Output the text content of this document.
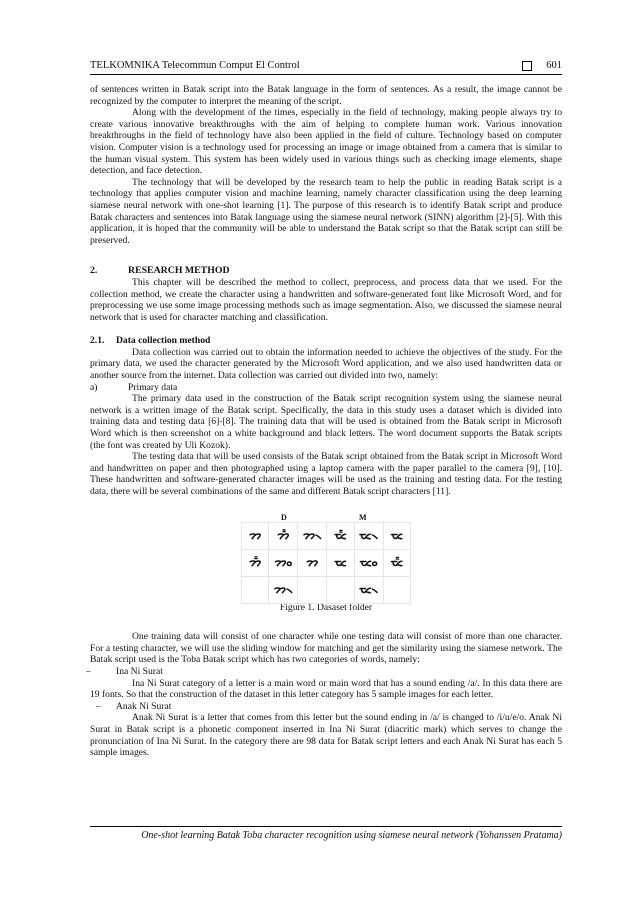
TELKOMNIKA Telecommun Comput El Control	601

of sentences written in Batak script into the Batak language in the form of sentences. As a result, the image cannot be recognized by the computer to interpret the meaning of the script.

Along with the development of the times, especially in the field of technology, making people always try to create various innovative breakthroughs with the aim of helping to complete human work. Various innovation breakthroughs in the field of technology have also been applied in the field of culture. Technology based on computer vision. Computer vision is a technology used for processing an image or image obtained from a camera that is similar to the human visual system. This system has been widely used in various things such as checking image elements, shape detection, and face detection.

The technology that will be developed by the research team to help the public in reading Batak script is a technology that applies computer vision and machine learning, namely character classification using the deep learning siamese neural network with one-shot learning [1]. The purpose of this research is to identify Batak script and produce Batak characters and sentences into Batak language using the siamese neural network (SINN) algorithm [2]-[5]. With this application, it is hoped that the community will be able to understand the Batak script so that the Batak script can still be preserved.

2.	RESEARCH METHOD

This chapter will be described the method to collect, preprocess, and process data that we used. For the collection method, we create the character using a handwritten and software-generated font like Microsoft Word, and for preprocessing we use some image processing methods such as image segmentation. Also, we discussed the siamese neural network that is used for character matching and classification.

2.1. Data collection method

Data collection was carried out to obtain the information needed to achieve the objectives of the study. For the primary data, we used the character generated by the Microsoft Word application, and we also used handwritten data or another source from the internet. Data collection was carried out divided into two, namely:

a)	Primary data

The primary data used in the construction of the Batak script recognition system using the siamese neural network is a written image of the Batak script. Specifically, the data in this study uses a dataset which is divided into training data and testing data [6]-[8]. The training data that will be used is obtained from the Batak script in Microsoft Word which is then screenshot on a white background and black letters. The word document supports the Batak scripts (the font was created by Uli Kozok).

The testing data that will be used consists of the Batak script obtained from the Batak script in Microsoft Word and handwritten on paper and then photographed using a laptop camera with the paper parallel to the camera [9], [10]. These handwritten and software-generated character images will be used as the training and testing data. For the testing data, there will be several combinations of the same and different Batak script characters [11].

D	M
ᯂ	ᯂ᯦	ᯂ᯲	ᯔ᯦	ᯔ᯲	ᯔ
ᯂ᯦	ᯂᯪ	ᯂ	ᯔ	ᯔᯪ	ᯔ᯦
	ᯂ᯲			ᯔ᯲	

Figure 1. Dasaset folder

One training data will consist of one character while one testing data will consist of more than one character. For a testing character, we will use the sliding window for matching and get the similarity using the siamese network. The Batak script used is the Toba Batak script which has two categories of words, namely:

–	Ina Ni Surat

Ina Ni Surat category of a letter is a main word or main word that has a sound ending /a/. In this data there are 19 fonts. So that the construction of the dataset in this letter category has 5 sample images for each letter.

– Anak Ni Surat

Anak Ni Surat is a letter that comes from this letter but the sound ending in /a/ is changed to /i/u/e/o. Anak Ni Surat in Batak script is a phonetic component inserted in Ina Ni Surat (diacritic mark) which serves to change the pronunciation of Ina Ni Surat. In the category there are 98 data for Batak script letters and each Anak Ni Surat has each 5 sample images.

One-shot learning Batak Toba character recognition using siamese neural network (Yohanssen Pratama)
